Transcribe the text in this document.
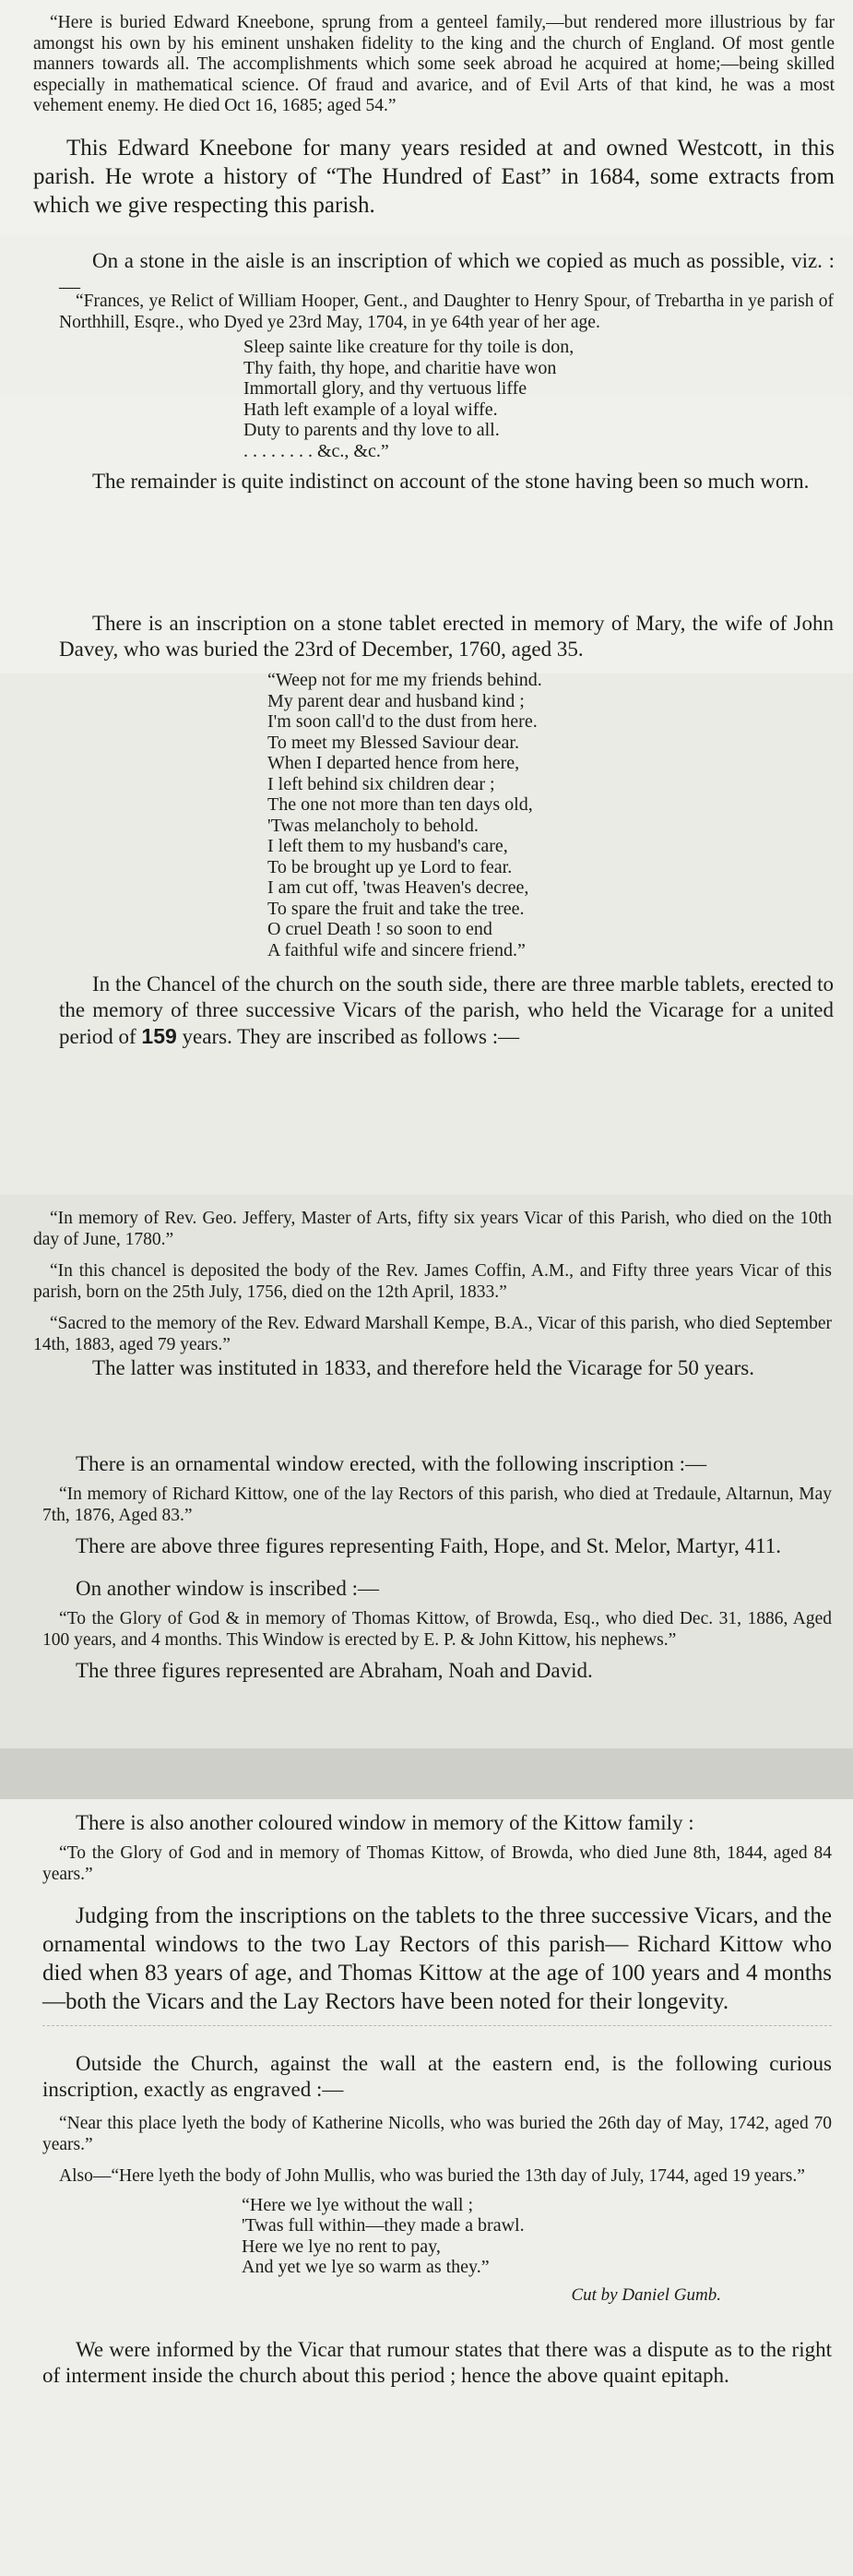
“Here is buried Edward Kneebone, sprung from a genteel family,—but rendered more illustrious by far amongst his own by his eminent unshaken fidelity to the king and the church of England. Of most gentle manners towards all. The accomplishments which some seek abroad he acquired at home;—being skilled especially in mathematical science. Of fraud and avarice, and of Evil Arts of that kind, he was a most vehement enemy. He died Oct 16, 1685; aged 54.”

This Edward Kneebone for many years resided at and owned Westcott, in this parish. He wrote a history of “The Hundred of East” in 1684, some extracts from which we give respecting this parish.

On a stone in the aisle is an inscription of which we copied as much as possible, viz. :—

“Frances, ye Relict of William Hooper, Gent., and Daughter to Henry Spour, of Trebartha in ye parish of Northhill, Esqre., who Dyed ye 23rd May, 1704, in ye 64th year of her age.

Sleep sainte like creature for thy toile is don,
Thy faith, thy hope, and charitie have won
Immortall glory, and thy vertuous liffe
Hath left example of a loyal wiffe.
Duty to parents and thy love to all.
. . . . . . . . &c., &c.”

The remainder is quite indistinct on account of the stone having been so much worn.

There is an inscription on a stone tablet erected in memory of Mary, the wife of John Davey, who was buried the 23rd of December, 1760, aged 35.

“Weep not for me my friends behind.
My parent dear and husband kind ;
I'm soon call'd to the dust from here.
To meet my Blessed Saviour dear.
When I departed hence from here,
I left behind six children dear ;
The one not more than ten days old,
'Twas melancholy to behold.
I left them to my husband's care,
To be brought up ye Lord to fear.
I am cut off, 'twas Heaven's decree,
To spare the fruit and take the tree.
O cruel Death ! so soon to end
A faithful wife and sincere friend.”

In the Chancel of the church on the south side, there are three marble tablets, erected to the memory of three successive Vicars of the parish, who held the Vicarage for a united period of 159 years. They are inscribed as follows :—

“In memory of Rev. Geo. Jeffery, Master of Arts, fifty six years Vicar of this Parish, who died on the 10th day of June, 1780.”

“In this chancel is deposited the body of the Rev. James Coffin, A.M., and Fifty three years Vicar of this parish, born on the 25th July, 1756, died on the 12th April, 1833.”

“Sacred to the memory of the Rev. Edward Marshall Kempe, B.A., Vicar of this parish, who died September 14th, 1883, aged 79 years.”

The latter was instituted in 1833, and therefore held the Vicarage for 50 years.

There is an ornamental window erected, with the following inscription :—

“In memory of Richard Kittow, one of the lay Rectors of this parish, who died at Tredaule, Altarnun, May 7th, 1876, Aged 83.”

There are above three figures representing Faith, Hope, and St. Melor, Martyr, 411.

On another window is inscribed :—

“To the Glory of God & in memory of Thomas Kittow, of Browda, Esq., who died Dec. 31, 1886, Aged 100 years, and 4 months. This Window is erected by E. P. & John Kittow, his nephews.”

The three figures represented are Abraham, Noah and David.

There is also another coloured window in memory of the Kittow family :

“To the Glory of God and in memory of Thomas Kittow, of Browda, who died June 8th, 1844, aged 84 years.”

Judging from the inscriptions on the tablets to the three successive Vicars, and the ornamental windows to the two Lay Rectors of this parish— Richard Kittow who died when 83 years of age, and Thomas Kittow at the age of 100 years and 4 months—both the Vicars and the Lay Rectors have been noted for their longevity.

Outside the Church, against the wall at the eastern end, is the following curious inscription, exactly as engraved :—

“Near this place lyeth the body of Katherine Nicolls, who was buried the 26th day of May, 1742, aged 70 years.”

Also—“Here lyeth the body of John Mullis, who was buried the 13th day of July, 1744, aged 19 years.”

“Here we lye without the wall ;
'Twas full within—they made a brawl.
Here we lye no rent to pay,
And yet we lye so warm as they.”

Cut by Daniel Gumb.

We were informed by the Vicar that rumour states that there was a dispute as to the right of interment inside the church about this period ; hence the above quaint epitaph.
